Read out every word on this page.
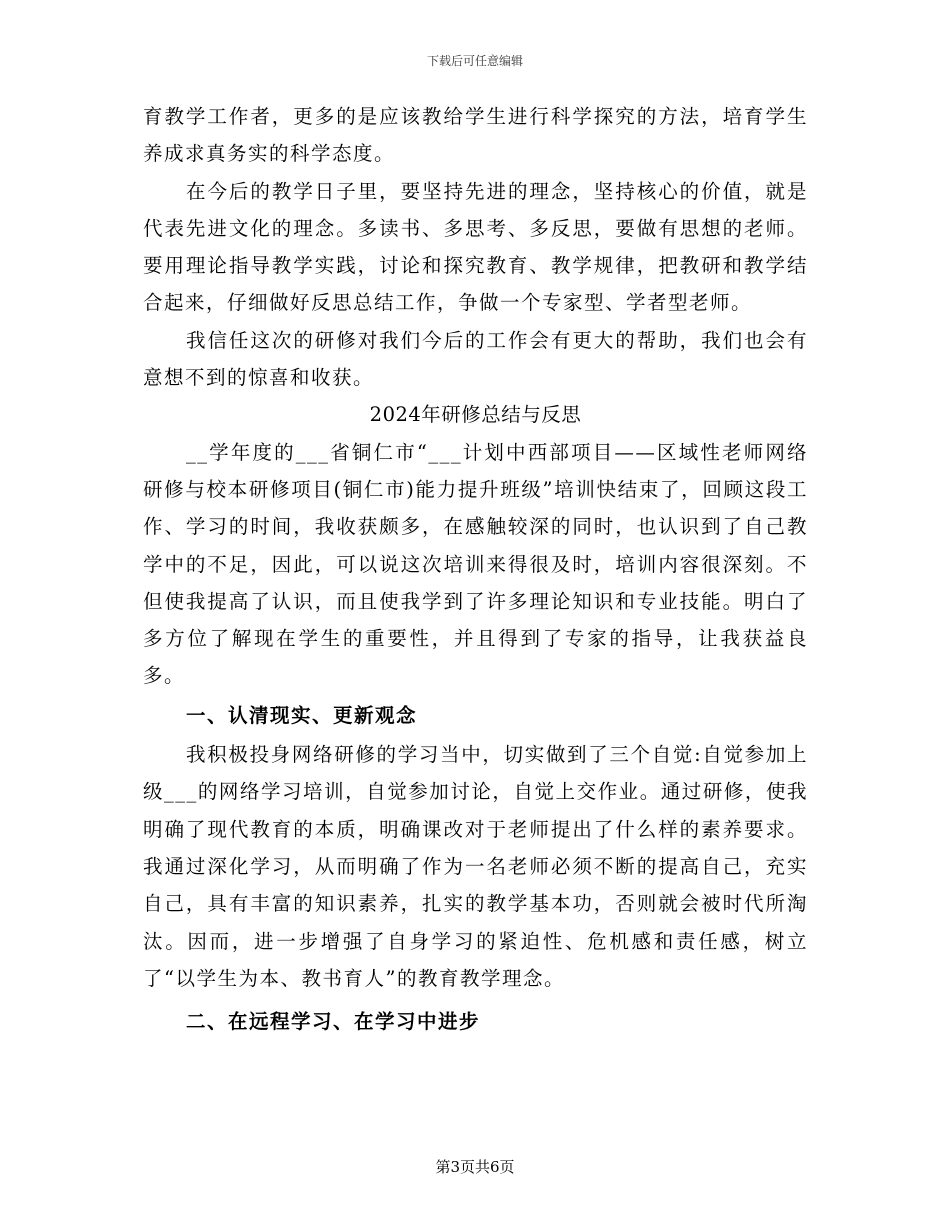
下载后可任意编辑

育教学工作者，更多的是应该教给学生进行科学探究的方法，培育学生养成求真务实的科学态度。

在今后的教学日子里，要坚持先进的理念，坚持核心的价值，就是代表先进文化的理念。多读书、多思考、多反思，要做有思想的老师。要用理论指导教学实践，讨论和探究教育、教学规律，把教研和教学结合起来，仔细做好反思总结工作，争做一个专家型、学者型老师。

我信任这次的研修对我们今后的工作会有更大的帮助，我们也会有意想不到的惊喜和收获。

2024年研修总结与反思

__学年度的___省铜仁市“___计划中西部项目——区域性老师网络研修与校本研修项目(铜仁市)能力提升班级”培训快结束了，回顾这段工作、学习的时间，我收获颇多，在感触较深的同时，也认识到了自己教学中的不足，因此，可以说这次培训来得很及时，培训内容很深刻。不但使我提高了认识，而且使我学到了许多理论知识和专业技能。明白了多方位了解现在学生的重要性，并且得到了专家的指导，让我获益良多。

一、认清现实、更新观念

我积极投身网络研修的学习当中，切实做到了三个自觉:自觉参加上级___的网络学习培训，自觉参加讨论，自觉上交作业。通过研修，使我明确了现代教育的本质，明确课改对于老师提出了什么样的素养要求。我通过深化学习，从而明确了作为一名老师必须不断的提高自己，充实自己，具有丰富的知识素养，扎实的教学基本功，否则就会被时代所淘汰。因而，进一步增强了自身学习的紧迫性、危机感和责任感，树立了“以学生为本、教书育人”的教育教学理念。

二、在远程学习、在学习中进步

第3页共6页
